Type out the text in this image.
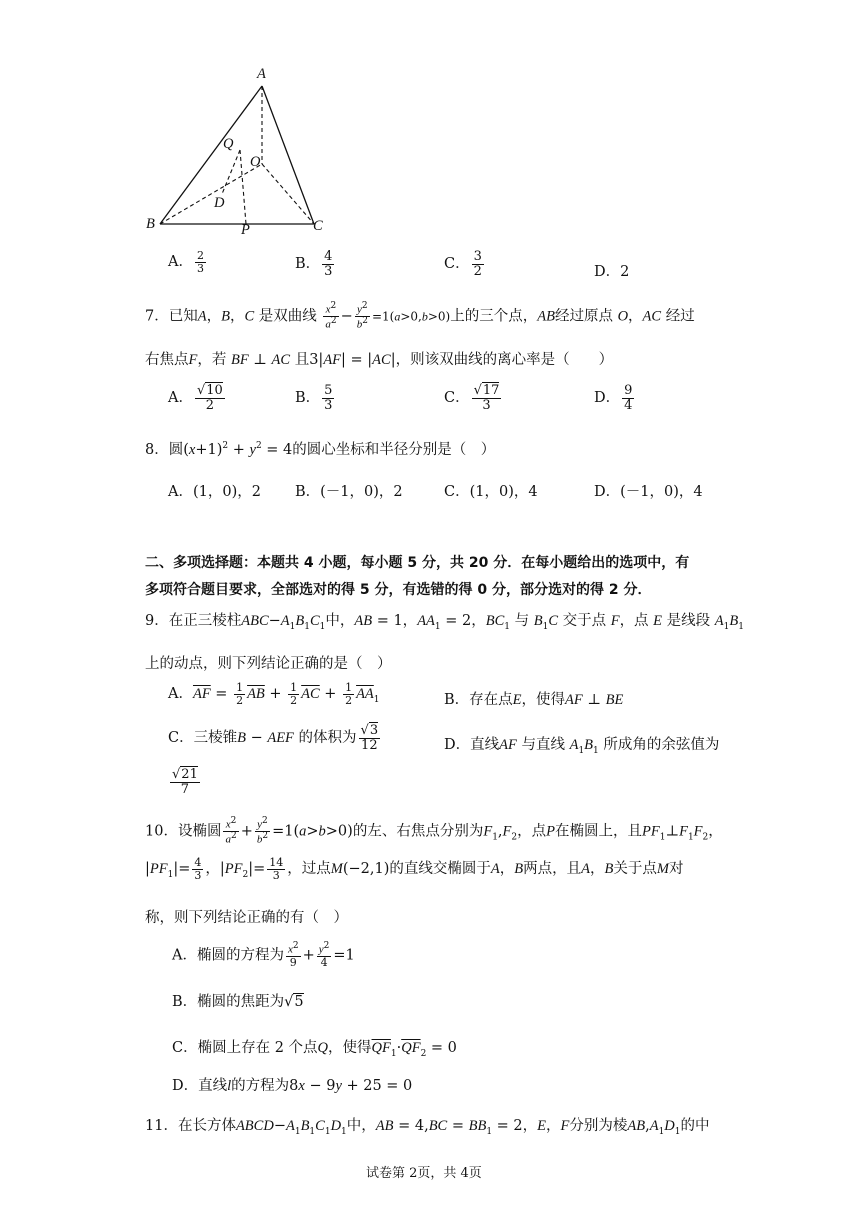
A
Q
O
D
B	P	C
A． $\frac{2}{3}$	B． $\frac{4}{3}$	C． $\frac{3}{2}$	D．2
7．已知A，B，C 是双曲线 $\frac{x^2}{a^2} - \frac{y^2}{b^2} =1(a>0,b>0)$上的三个点，AB经过原点 O，AC 经过
右焦点F，若 BF ⊥ AC 且3|AF| = |AC|，则该双曲线的离心率是（　　）
A． $\frac{√10}{2}$	B． $\frac{5}{3}$	C． $\frac{√17}{3}$	D． $\frac{9}{4}$
8．圆$(x+1)^2 + y^2 = 4$的圆心坐标和半径分别是（　）
A．(1，0)，2 B．(－1，0)，2	C．(1，0)，4	D．(－1，0)，4
二、多项选择题：本题共 4 小题，每小题 5 分，共 20 分．在每小题给出的选项中，有
多项符合题目要求，全部选对的得 5 分，有选错的得 0 分，部分选对的得 2 分．
9．在正三棱柱$ABC-A_1B_1C_1$中，AB = 1，$AA_1 = 2$，$BC_1$ 与 $B_1C$ 交于点 F，点 E 是线段 $A_1B_1$
上的动点，则下列结论正确的是（　）
A．$\overline{AF} = \frac{1}{2} \overline{AB} + \frac{1}{2} \overline{AC} + \frac{1}{2} \overline{AA}_1$	B．存在点E，使得AF ⊥ BE
C．三棱锥B − AEF 的体积为 $\frac{√3}{12}$	D．直线AF 与直线 $A_1B_1$ 所成角的余弦值为
$\frac{√21}{7}$
10．设椭圆 $\frac{x^2}{a^2} + \frac{y^2}{b^2} =1(a>b>0)$的左、右焦点分别为$F_1,F_2$，点P在椭圆上，且$PF_1\perp F_1F_2$，
$|PF_1|= \frac{4}{3}$ ，$|PF_2|= \frac{14}{3}$ ，过点M(−2,1)的直线交椭圆于A，B两点，且A，B关于点M对
称，则下列结论正确的有（　）
A．椭圆的方程为 $\frac{x^2}{9} + \frac{y^2}{4} =1$
B．椭圆的焦距为√5
C．椭圆上存在 2 个点Q，使得$\overline{QF}_1\cdot\overline{QF}_2 = 0$
D．直线l的方程为8x − 9y + 25 = 0
11．在长方体$ABCD-A_1B_1C_1D_1$中，AB = $4,BC = BB_1 = 2$，E，F分别为棱$AB,A_1D_1$的中
试卷第 2页，共 4页
